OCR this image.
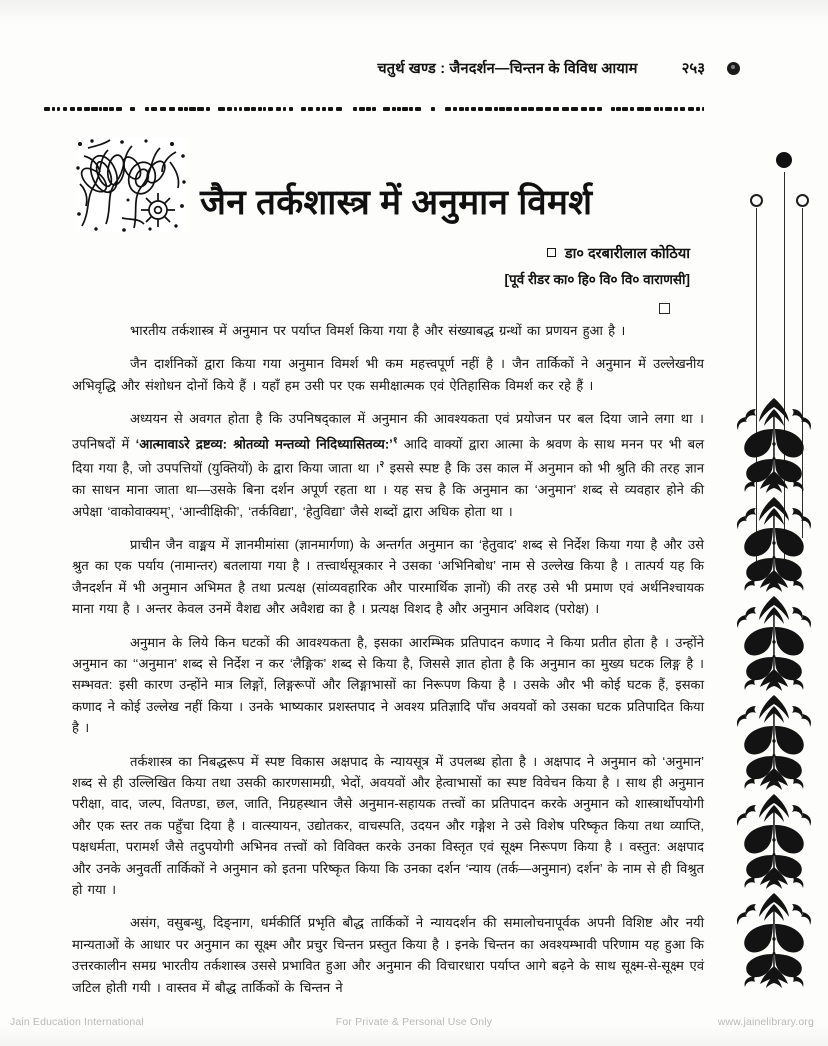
चतुर्थ खण्ड : जैनदर्शन—चिन्तन के विविध आयाम	२५३
जैन तर्कशास्त्र में अनुमान विमर्श
डा० दरबारीलाल कोठिया
[पूर्व रीडर का० हि० वि० वि० वाराणसी]

भारतीय तर्कशास्त्र में अनुमान पर पर्याप्त विमर्श किया गया है और संख्याबद्ध ग्रन्थों का प्रणयन हुआ है ।

जैन दार्शनिकों द्वारा किया गया अनुमान विमर्श भी कम महत्त्वपूर्ण नहीं है । जैन तार्किकों ने अनुमान में उल्लेखनीय अभिवृद्धि और संशोधन दोनों किये हैं । यहाँ हम उसी पर एक समीक्षात्मक एवं ऐतिहासिक विमर्श कर रहे हैं ।

अध्ययन से अवगत होता है कि उपनिषद्काल में अनुमान की आवश्यकता एवं प्रयोजन पर बल दिया जाने लगा था । उपनिषदों में ‘आत्मावाऽरे द्रष्टव्य: श्रोतव्यो मन्तव्यो निदिध्यासितव्य:’$^१$ आदि वाक्यों द्वारा आत्मा के श्रवण के साथ मनन पर भी बल दिया गया है, जो उपपत्तियों (युक्तियों) के द्वारा किया जाता था ।$^२$ इससे स्पष्ट है कि उस काल में अनुमान को भी श्रुति की तरह ज्ञान का साधन माना जाता था—उसके बिना दर्शन अपूर्ण रहता था । यह सच है कि अनुमान का ‘अनुमान’ शब्द से व्यवहार होने की अपेक्षा ‘वाकोवाक्यम्’, ‘आन्वीक्षिकी’, ‘तर्कविद्या’, ‘हेतुविद्या’ जैसे शब्दों द्वारा अधिक होता था ।

प्राचीन जैन वाङ्मय में ज्ञानमीमांसा (ज्ञानमार्गणा) के अन्तर्गत अनुमान का ‘हेतुवाद’ शब्द से निर्देश किया गया है और उसे श्रुत का एक पर्याय (नामान्तर) बतलाया गया है । तत्त्वार्थसूत्रकार ने उसका ‘अभिनिबोध’ नाम से उल्लेख किया है । तात्पर्य यह कि जैनदर्शन में भी अनुमान अभिमत है तथा प्रत्यक्ष (सांव्यवहारिक और पारमार्थिक ज्ञानों) की तरह उसे भी प्रमाण एवं अर्थनिश्चायक माना गया है । अन्तर केवल उनमें वैशद्य और अवैशद्य का है । प्रत्यक्ष विशद है और अनुमान अविशद (परोक्ष) ।

अनुमान के लिये किन घटकों की आवश्यकता है, इसका आरम्भिक प्रतिपादन कणाद ने किया प्रतीत होता है । उन्होंने अनुमान का ‘‘अनुमान’ शब्द से निर्देश न कर ‘लैङ्गिक’ शब्द से किया है, जिससे ज्ञात होता है कि अनुमान का मुख्य घटक लिङ्ग है । सम्भवत: इसी कारण उन्होंने मात्र लिङ्गों, लिङ्गरूपों और लिङ्गाभासों का निरूपण किया है । उसके और भी कोई घटक हैं, इसका कणाद ने कोई उल्लेख नहीं किया । उनके भाष्यकार प्रशस्तपाद ने अवश्य प्रतिज्ञादि पाँच अवयवों को उसका घटक प्रतिपादित किया है ।

तर्कशास्त्र का निबद्धरूप में स्पष्ट विकास अक्षपाद के न्यायसूत्र में उपलब्ध होता है । अक्षपाद ने अनुमान को ‘अनुमान’ शब्द से ही उल्लिखित किया तथा उसकी कारणसामग्री, भेदों, अवयवों और हेत्वाभासों का स्पष्ट विवेचन किया है । साथ ही अनुमान परीक्षा, वाद, जल्प, वितण्डा, छल, जाति, निग्रहस्थान जैसे अनुमान-सहायक तत्त्वों का प्रतिपादन करके अनुमान को शास्त्रार्थोपयोगी और एक स्तर तक पहुँचा दिया है । वात्स्यायन, उद्योतकर, वाचस्पति, उदयन और गङ्गेश ने उसे विशेष परिष्कृत किया तथा व्याप्ति, पक्षधर्मता, परामर्श जैसे तदुपयोगी अभिनव तत्त्वों को विविक्त करके उनका विस्तृत एवं सूक्ष्म निरूपण किया है । वस्तुत: अक्षपाद और उनके अनुवर्ती तार्किकों ने अनुमान को इतना परिष्कृत किया कि उनका दर्शन ‘न्याय (तर्क—अनुमान) दर्शन’ के नाम से ही विश्रुत हो गया ।

असंग, वसुबन्धु, दिङ्‌नाग, धर्मकीर्ति प्रभृति बौद्ध तार्किकों ने न्यायदर्शन की समालोचनापूर्वक अपनी विशिष्ट और नयी मान्यताओं के आधार पर अनुमान का सूक्ष्म और प्रचुर चिन्तन प्रस्तुत किया है । इनके चिन्तन का अवश्यम्भावी परिणाम यह हुआ कि उत्तरकालीन समग्र भारतीय तर्कशास्त्र उससे प्रभावित हुआ और अनुमान की विचारधारा पर्याप्त आगे बढ़ने के साथ सूक्ष्म-से-सूक्ष्म एवं जटिल होती गयी । वास्तव में बौद्ध तार्किकों के चिन्तन ने

Jain Education International	For Private & Personal Use Only	www.jainelibrary.org
